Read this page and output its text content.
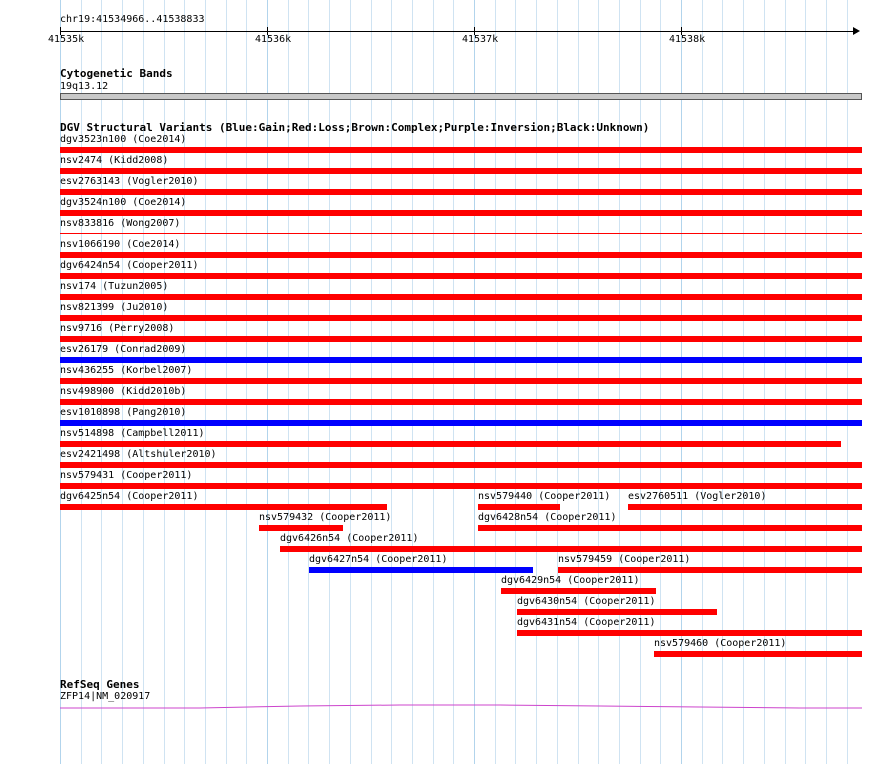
chr19:41534966..41538833
41535k	41536k	41537k	41538k
Cytogenetic Bands
19q13.12
DGV Structural Variants (Blue:Gain;Red:Loss;Brown:Complex;Purple:Inversion;Black:Unknown)
dgv3523n100 (Coe2014)
nsv2474 (Kidd2008)
esv2763143 (Vogler2010)
dgv3524n100 (Coe2014)
nsv833816 (Wong2007)
nsv1066190 (Coe2014)
dgv6424n54 (Cooper2011)
nsv174 (Tuzun2005)
nsv821399 (Ju2010)
nsv9716 (Perry2008)
esv26179 (Conrad2009)
nsv436255 (Korbel2007)
nsv498900 (Kidd2010b)
esv1010898 (Pang2010)
nsv514898 (Campbell2011)
esv2421498 (Altshuler2010)
nsv579431 (Cooper2011)
dgv6425n54 (Cooper2011)	nsv579440 (Cooper2011) esv2760511 (Vogler2010)
nsv579432 (Cooper2011)	dgv6428n54 (Cooper2011)
dgv6426n54 (Cooper2011)
dgv6427n54 (Cooper2011)	nsv579459 (Cooper2011)
dgv6429n54 (Cooper2011)
dgv6430n54 (Cooper2011)
dgv6431n54 (Cooper2011)
nsv579460 (Cooper2011)
RefSeq Genes
ZFP14|NM_020917
